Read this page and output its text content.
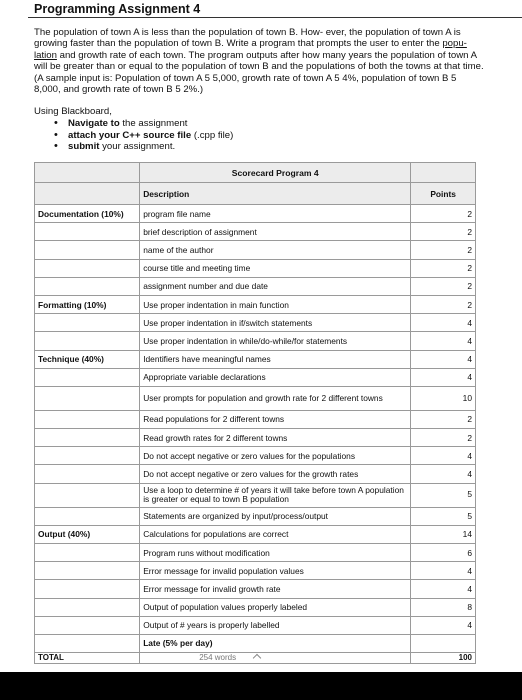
Programming Assignment 4
The population of town A is less than the population of town B. How- ever, the population of town A is growing faster than the population of town B. Write a program that prompts the user to enter the popu- lation and growth rate of each town. The program outputs after how many years the population of town A will be greater than or equal to the population of town B and the populations of both the towns at that time. (A sample input is: Population of town A 5 5,000, growth rate of town A 5 4%, population of town B 5 8,000, and growth rate of town B 5 2%.)
Using Blackboard,
• Navigate to the assignment
• attach your C++ source file (.cpp file)
• submit your assignment.
	Scorecard Program 4	
	Description	Points
Documentation (10%)	program file name	2
	brief description of assignment	2
	name of the author	2
	course title and meeting time	2
	assignment number and due date	2
Formatting (10%)	Use proper indentation in main function	2
	Use proper indentation in if/switch statements	4
	Use proper indentation in while/do-while/for statements	4
Technique (40%)	Identifiers have meaningful names	4
	Appropriate variable declarations	4
	User prompts for population and growth rate for 2 different towns	10
	Read populations for 2 different towns	2
	Read growth rates for 2 different towns	2
	Do not accept negative or zero values for the populations	4
	Do not accept negative or zero values for the growth rates	4
	Use a loop to determine # of years it will take before town A population is greater or equal to town B population	5
	Statements are organized by input/process/output	5
Output (40%)	Calculations for populations are correct	14
	Program runs without modification	6
	Error message for invalid population values	4
	Error message for invalid growth rate	4
	Output of population values properly labeled	8
	Output of # years is properly labelled	4
	Late (5% per day)	
TOTAL	254 words	100
